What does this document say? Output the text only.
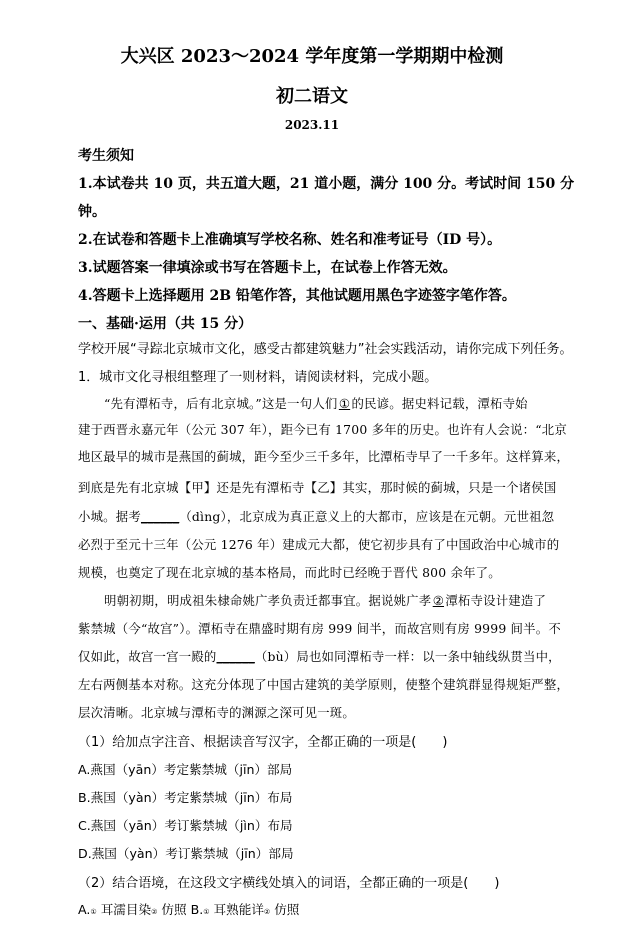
大兴区 2023～2024 学年度第一学期期中检测
初二语文
2023.11
考生须知
1.本试卷共 10 页，共五道大题，21 道小题，满分 100 分。考试时间 150 分
钟。
2.在试卷和答题卡上准确填写学校名称、姓名和准考证号（ID 号）。
3.试题答案一律填涂或书写在答题卡上，在试卷上作答无效。
4.答题卡上选择题用 2B 铅笔作答，其他试题用黑色字迹签字笔作答。
一、基础·运用（共 15 分）
学校开展“寻踪北京城市文化，感受古都建筑魅力”社会实践活动，请你完成下列任务。
1．城市文化寻根组整理了一则材料，请阅读材料，完成小题。
“先有潭柘寺，后有北京城。”这是一句人们①的民谚。据史料记载，潭柘寺始
建于西晋永嘉元年（公元 307 年），距今已有 1700 多年的历史。也许有人会说：“北京
地区最早的城市是燕国的蓟城，距今至少三千多年，比潭柘寺早了一千多年。这样算来，
到底是先有北京城【甲】还是先有潭柘寺【乙】其实，那时候的蓟城，只是一个诸侯国
小城。据考______（dìng），北京成为真正意义上的大都市，应该是在元朝。元世祖忽
必烈于至元十三年（公元 1276 年）建成元大都，使它初步具有了中国政治中心城市的
规模，也奠定了现在北京城的基本格局，而此时已经晚于晋代 800 余年了。
明朝初期，明成祖朱棣命姚广孝负责迁都事宜。据说姚广孝②潭柘寺设计建造了
紫禁城（今“故宫”）。潭柘寺在鼎盛时期有房 999 间半，而故宫则有房 9999 间半。不
仅如此，故宫一宫一殿的______（bù）局也如同潭柘寺一样：以一条中轴线纵贯当中，
左右两侧基本对称。这充分体现了中国古建筑的美学原则，使整个建筑群显得规矩严整，
层次清晰。北京城与潭柘寺的渊源之深可见一斑。
（1）给加点字注音、根据读音写汉字，全都正确的一项是(　　)
A.燕国（yān）考定紫禁城（jīn）部局
B.燕国（yàn）考定紫禁城（jīn）布局
C.燕国（yān）考订紫禁城（jìn）布局
D.燕国（yàn）考订紫禁城（jīn）部局
（2）结合语境，在这段文字横线处填入的词语，全都正确的一项是(　　)
A.① 耳濡目染② 仿照 B.① 耳熟能详② 仿照
